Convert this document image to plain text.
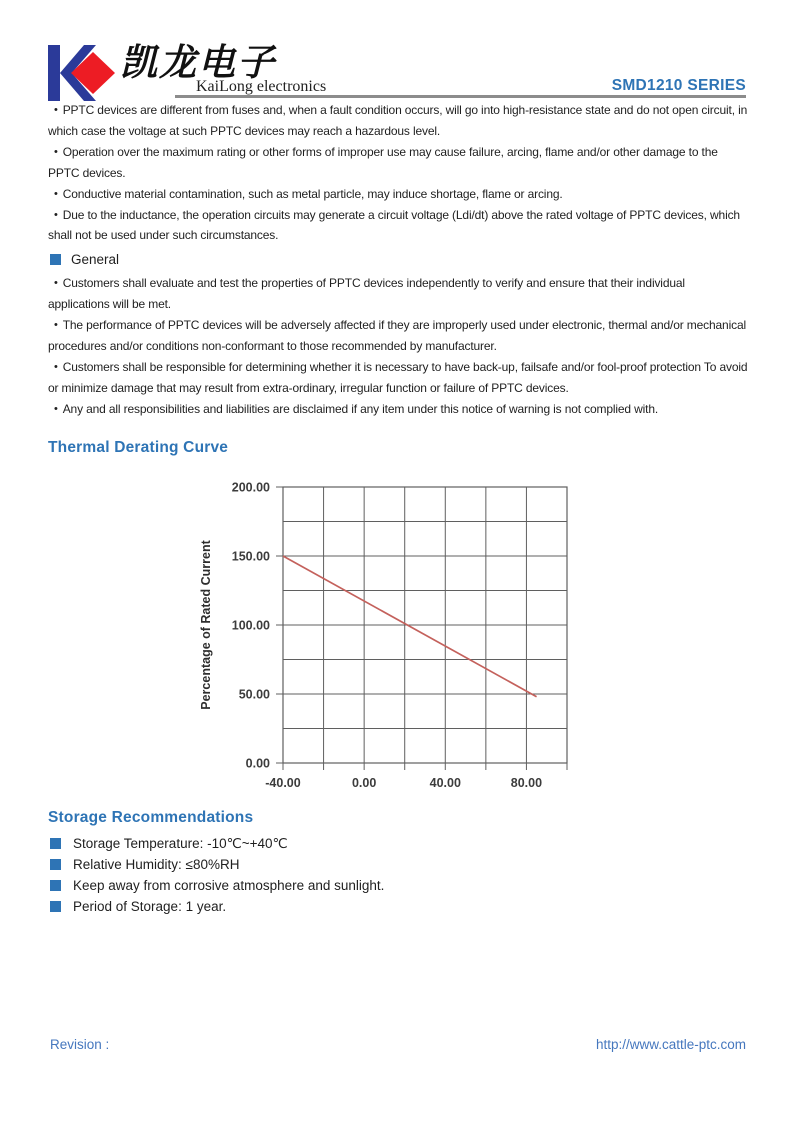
凯龙电子
KaiLong electronics	SMD1210 SERIES

• PPTC devices are different from fuses and, when a fault condition occurs, will go into high-resistance state and do not open circuit, in which case the voltage at such PPTC devices may reach a hazardous level.

• Operation over the maximum rating or other forms of improper use may cause failure, arcing, flame and/or other damage to the PPTC devices.

• Conductive material contamination, such as metal particle, may induce shortage, flame or arcing.

• Due to the inductance, the operation circuits may generate a circuit voltage (Ldi/dt) above the rated voltage of PPTC devices, which shall not be used under such circumstances.

General

• Customers shall evaluate and test the properties of PPTC devices independently to verify and ensure that their individual applications will be met.

• The performance of PPTC devices will be adversely affected if they are improperly used under electronic, thermal and/or mechanical procedures and/or conditions non-conformant to those recommended by manufacturer.

• Customers shall be responsible for determining whether it is necessary to have back-up, failsafe and/or fool-proof protection To avoid or minimize damage that may result from extra-ordinary, irregular function or failure of PPTC devices.

• Any and all responsibilities and liabilities are disclaimed if any item under this notice of warning is not complied with.

Thermal Derating Curve
-40.00	0.00	40.00	80.00
0.00
50.00
100.00
150.00
200.00
Percentage of Rated Current
Storage Recommendations

Storage Temperature: -10℃~+40℃

Relative Humidity: ≤80%RH

Keep away from corrosive atmosphere and sunlight.

Period of Storage: 1 year.

Revision :	http://www.cattle-ptc.com
